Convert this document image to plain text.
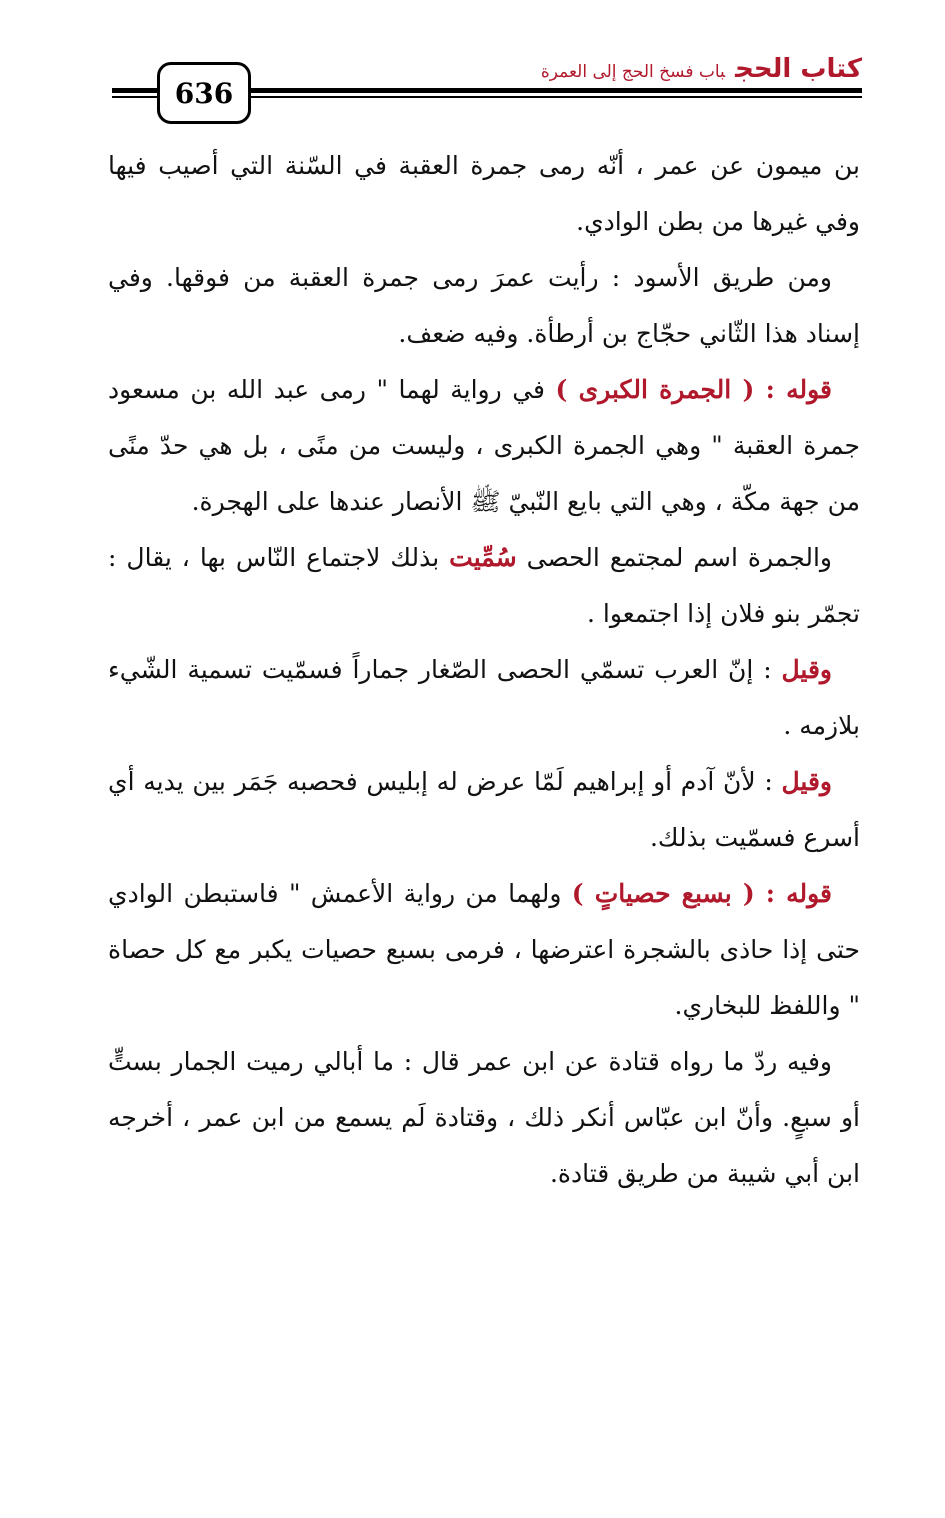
636
كتاب الحجباب فسخ الحج إلى العمرة

بن ميمون عن عمر ، أنّه رمى جمرة العقبة في السّنة التي أصيب فيها وفي غيرها من بطن الوادي.

ومن طريق الأسود : رأيت عمرَ رمى جمرة العقبة من فوقها. وفي إسناد هذا الثّاني حجّاج بن أرطأة. وفيه ضعف.

قوله : ( الجمرة الكبرى ) في رواية لهما " رمى عبد الله بن مسعود جمرة العقبة " وهي الجمرة الكبرى ، وليست من منًى ، بل هي حدّ منًى من جهة مكّة ، وهي التي بايع النّبيّ ﷺ الأنصار عندها على الهجرة.

والجمرة اسم لمجتمع الحصى سُمِّيت بذلك لاجتماع النّاس بها ، يقال : تجمّر بنو فلان إذا اجتمعوا .

وقيل : إنّ العرب تسمّي الحصى الصّغار جماراً فسمّيت تسمية الشّيء بلازمه .

وقيل : لأنّ آدم أو إبراهيم لَمّا عرض له إبليس فحصبه جَمَر بين يديه أي أسرع فسمّيت بذلك.

قوله : ( بسبع حصياتٍ ) ولهما من رواية الأعمش " فاستبطن الوادي حتى إذا حاذى بالشجرة اعترضها ، فرمى بسبع حصيات يكبر مع كل حصاة " واللفظ للبخاري.

وفيه ردّ ما رواه قتادة عن ابن عمر قال : ما أبالي رميت الجمار بستٍّ أو سبعٍ. وأنّ ابن عبّاس أنكر ذلك ، وقتادة لَم يسمع من ابن عمر ، أخرجه ابن أبي شيبة من طريق قتادة.
